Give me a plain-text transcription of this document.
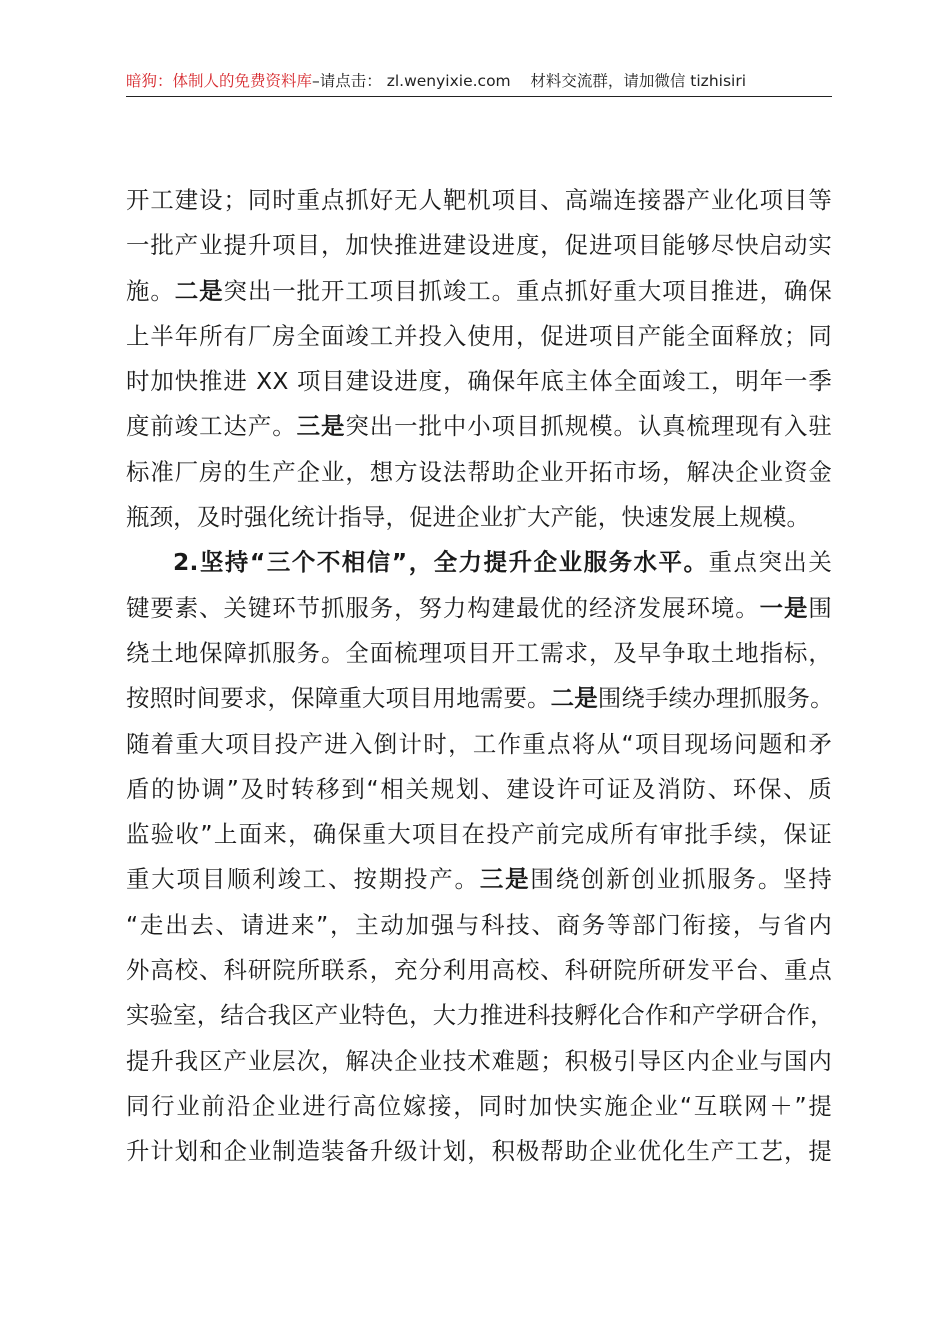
暗狗：体制人的免费资料库–请点击： zl.wenyixie.com 材料交流群，请加微信 tizhisiri
开工建设；同时重点抓好无人靶机项目、高端连接器产业化项目等
一批产业提升项目，加快推进建设进度，促进项目能够尽快启动实
施。二是突出一批开工项目抓竣工。重点抓好重大项目推进，确保
上半年所有厂房全面竣工并投入使用，促进项目产能全面释放；同
时加快推进 XX 项目建设进度，确保年底主体全面竣工，明年一季
度前竣工达产。三是突出一批中小项目抓规模。认真梳理现有入驻
标准厂房的生产企业，想方设法帮助企业开拓市场，解决企业资金
瓶颈，及时强化统计指导，促进企业扩大产能，快速发展上规模。
2.坚持“三个不相信”，全力提升企业服务水平。重点突出关
键要素、关键环节抓服务，努力构建最优的经济发展环境。一是围
绕土地保障抓服务。全面梳理项目开工需求，及早争取土地指标，
按照时间要求，保障重大项目用地需要。二是围绕手续办理抓服务。
随着重大项目投产进入倒计时，工作重点将从“项目现场问题和矛
盾的协调”及时转移到“相关规划、建设许可证及消防、环保、质
监验收”上面来，确保重大项目在投产前完成所有审批手续，保证
重大项目顺利竣工、按期投产。三是围绕创新创业抓服务。坚持
“走出去、请进来”，主动加强与科技、商务等部门衔接，与省内
外高校、科研院所联系，充分利用高校、科研院所研发平台、重点
实验室，结合我区产业特色，大力推进科技孵化合作和产学研合作，
提升我区产业层次，解决企业技术难题；积极引导区内企业与国内
同行业前沿企业进行高位嫁接，同时加快实施企业“互联网＋”提
升计划和企业制造装备升级计划，积极帮助企业优化生产工艺，提
